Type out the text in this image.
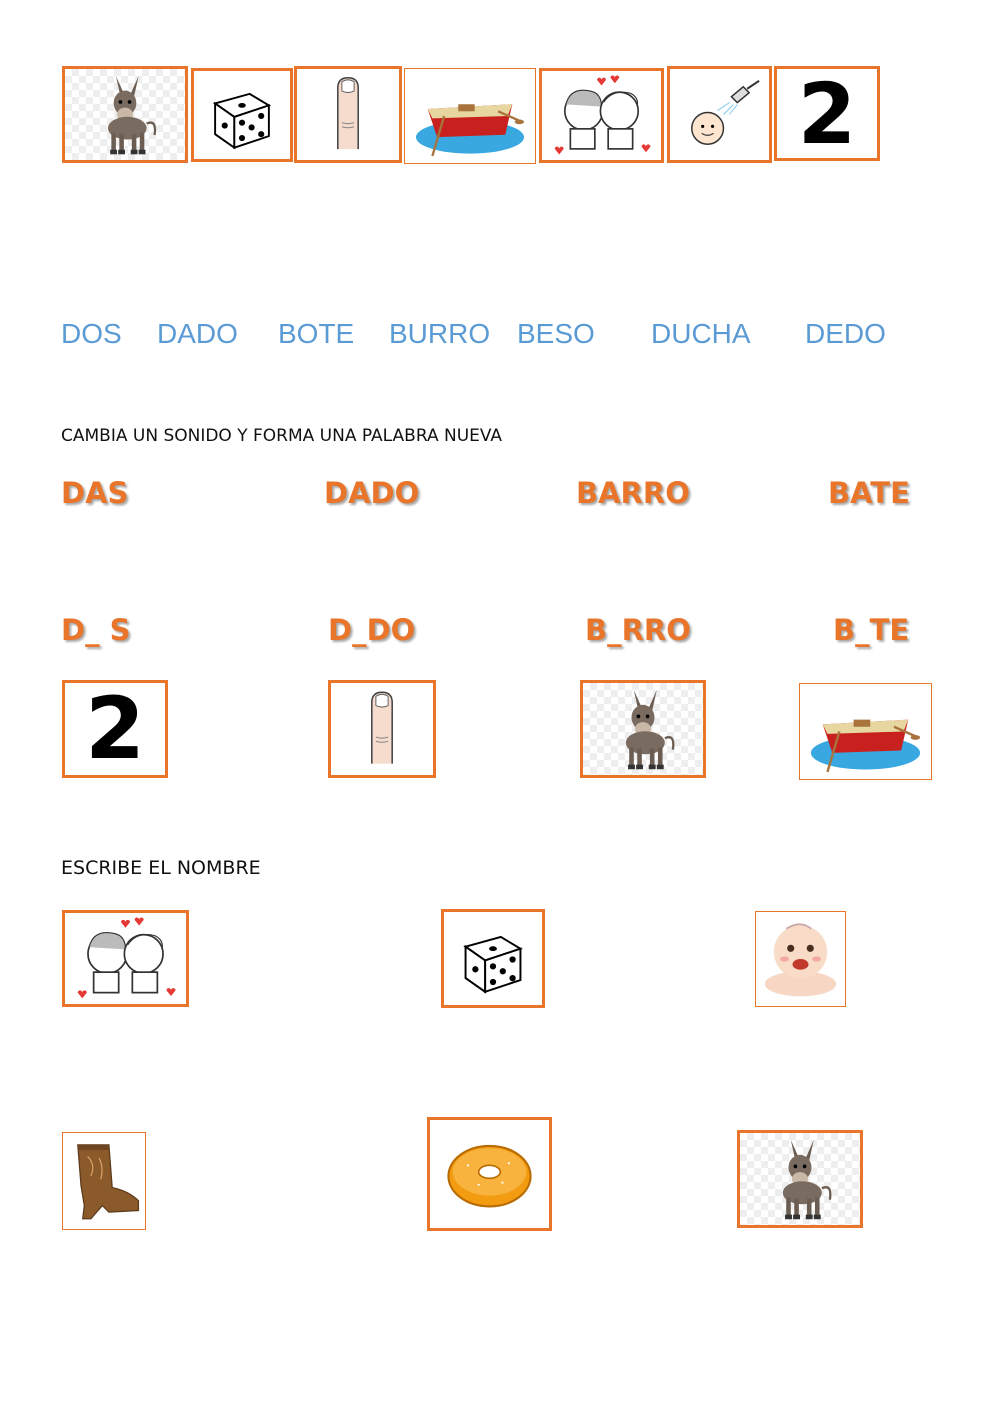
2
DOS DADO BOTE BURRO BESO DUCHA DEDO
CAMBIA UN SONIDO Y FORMA UNA PALABRA NUEVA
DAS	DADO	BARRO	BATE
D_ S	D_DO	B_RRO	B_TE
2
ESCRIBE EL NOMBRE
